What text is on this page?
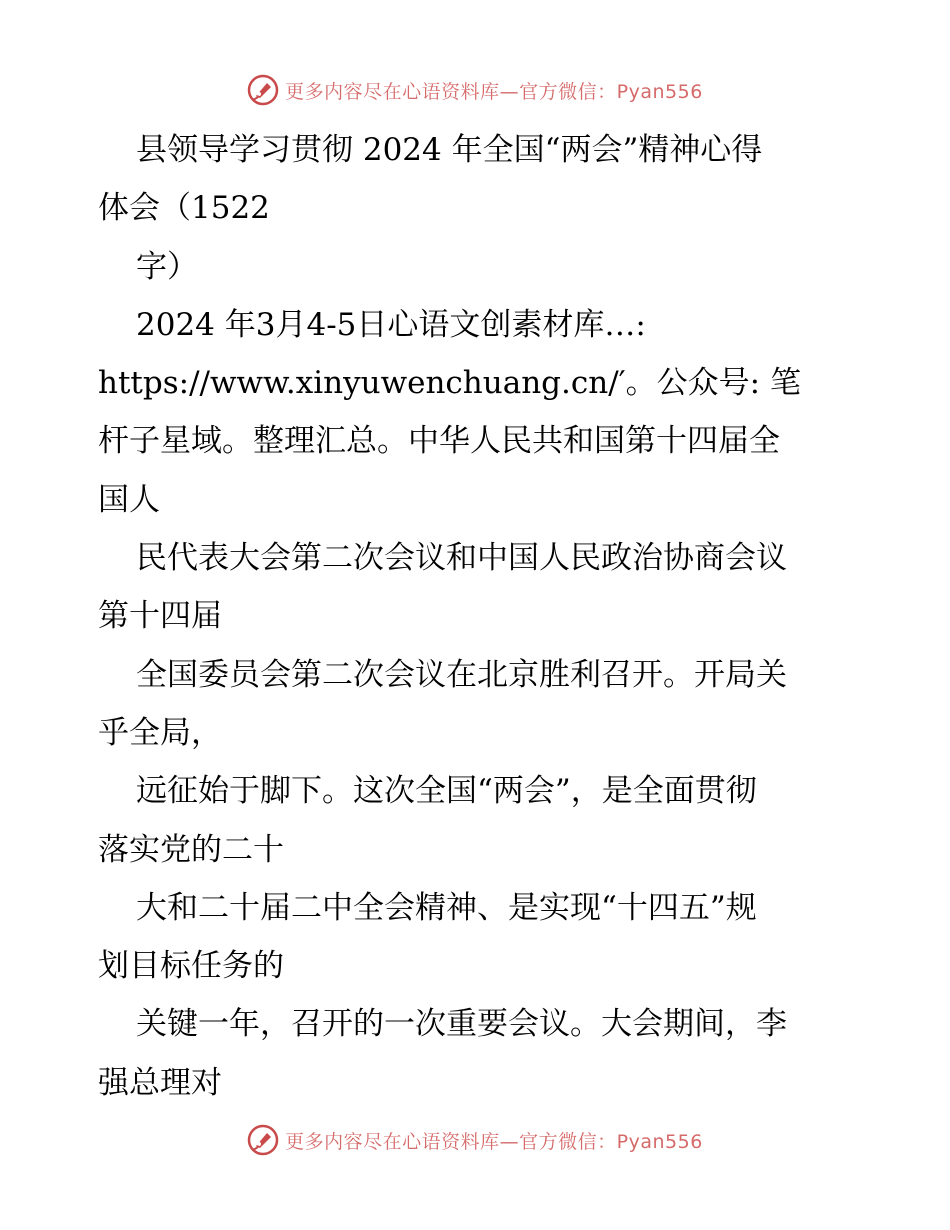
更多内容尽在心语资料库—官方微信：Pyan556
县领导学习贯彻 2024 年全国“两会”精神心得
体会（1522
字）
2024 年3月4-5日心语文创素材库…:
https://www.xinyuwenchuang.cn/′。公众号: 笔
杆子星域。整理汇总。中华人民共和国第十四届全
国人
民代表大会第二次会议和中国人民政治协商会议
第十四届
全国委员会第二次会议在北京胜利召开。开局关
乎全局，
远征始于脚下。这次全国“两会”，是全面贯彻
落实党的二十
大和二十届二中全会精神、是实现“十四五”规
划目标任务的
关键一年，召开的一次重要会议。大会期间，李
强总理对
更多内容尽在心语资料库—官方微信：Pyan556
